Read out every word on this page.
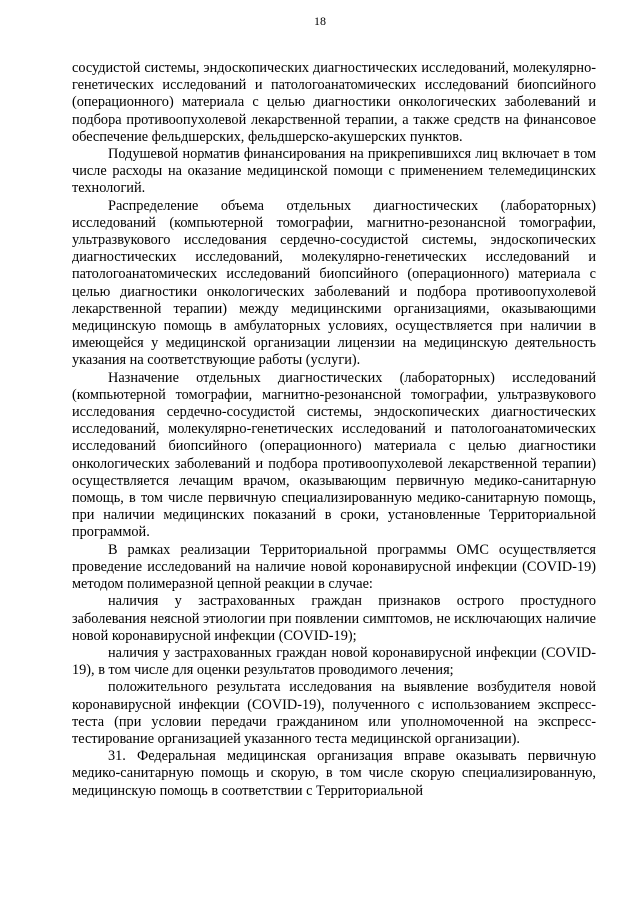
18

сосудистой системы, эндоскопических диагностических исследований, молекулярно-генетических исследований и патологоанатомических исследований биопсийного (операционного) материала с целью диагностики онкологических заболеваний и подбора противоопухолевой лекарственной терапии, а также средств на финансовое обеспечение фельдшерских, фельдшерско-акушерских пунктов.

Подушевой норматив финансирования на прикрепившихся лиц включает в том числе расходы на оказание медицинской помощи с применением телемедицинских технологий.

Распределение объема отдельных диагностических (лабораторных) исследований (компьютерной томографии, магнитно-резонансной томографии, ультразвукового исследования сердечно-сосудистой системы, эндоскопических диагностических исследований, молекулярно-генетических исследований и патологоанатомических исследований биопсийного (операционного) материала с целью диагностики онкологических заболеваний и подбора противоопухолевой лекарственной терапии) между медицинскими организациями, оказывающими медицинскую помощь в амбулаторных условиях, осуществляется при наличии в имеющейся у медицинской организации лицензии на медицинскую деятельность указания на соответствующие работы (услуги).

Назначение отдельных диагностических (лабораторных) исследований (компьютерной томографии, магнитно-резонансной томографии, ультразвукового исследования сердечно-сосудистой системы, эндоскопических диагностических исследований, молекулярно-генетических исследований и патологоанатомических исследований биопсийного (операционного) материала с целью диагностики онкологических заболеваний и подбора противоопухолевой лекарственной терапии) осуществляется лечащим врачом, оказывающим первичную медико-санитарную помощь, в том числе первичную специализированную медико-санитарную помощь, при наличии медицинских показаний в сроки, установленные Территориальной программой.

В рамках реализации Территориальной программы ОМС осуществляется проведение исследований на наличие новой коронавирусной инфекции (COVID-19) методом полимеразной цепной реакции в случае:

наличия у застрахованных граждан признаков острого простудного заболевания неясной этиологии при появлении симптомов, не исключающих наличие новой коронавирусной инфекции (COVID-19);

наличия у застрахованных граждан новой коронавирусной инфекции (COVID-19), в том числе для оценки результатов проводимого лечения;

положительного результата исследования на выявление возбудителя новой коронавирусной инфекции (COVID-19), полученного с использованием экспресс-теста (при условии передачи гражданином или уполномоченной на экспресс-тестирование организацией указанного теста медицинской организации).

31. Федеральная медицинская организация вправе оказывать первичную медико-санитарную помощь и скорую, в том числе скорую специализированную, медицинскую помощь в соответствии с Территориальной
